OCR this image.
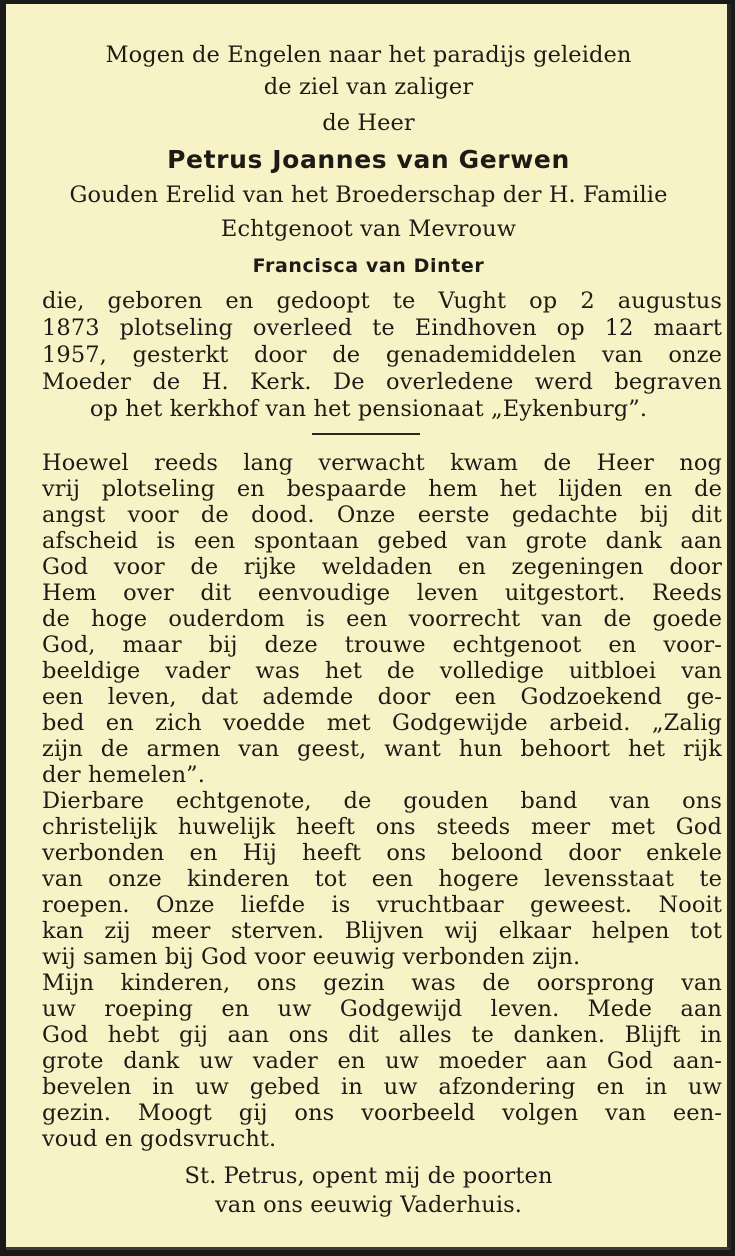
Mogen de Engelen naar het paradijs geleiden
de ziel van zaliger
de Heer
Petrus Joannes van Gerwen
Gouden Erelid van het Broederschap der H. Familie
Echtgenoot van Mevrouw
Francisca van Dinter
die, geboren en gedoopt te Vught op 2 augustus
1873 plotseling overleed te Eindhoven op 12 maart
1957, gesterkt door de genademiddelen van onze
Moeder de H. Kerk. De overledene werd begraven
op het kerkhof van het pensionaat „Eykenburg”.
Hoewel reeds lang verwacht kwam de Heer nog
vrij plotseling en bespaarde hem het lijden en de
angst voor de dood. Onze eerste gedachte bij dit
afscheid is een spontaan gebed van grote dank aan
God voor de rijke weldaden en zegeningen door
Hem over dit eenvoudige leven uitgestort. Reeds
de hoge ouderdom is een voorrecht van de goede
God, maar bij deze trouwe echtgenoot en voor-
beeldige vader was het de volledige uitbloei van
een leven, dat ademde door een Godzoekend ge-
bed en zich voedde met Godgewijde arbeid. „Zalig
zijn de armen van geest, want hun behoort het rijk
der hemelen”.
Dierbare echtgenote, de gouden band van ons
christelijk huwelijk heeft ons steeds meer met God
verbonden en Hij heeft ons beloond door enkele
van onze kinderen tot een hogere levensstaat te
roepen. Onze liefde is vruchtbaar geweest. Nooit
kan zij meer sterven. Blijven wij elkaar helpen tot
wij samen bij God voor eeuwig verbonden zijn.
Mijn kinderen, ons gezin was de oorsprong van
uw roeping en uw Godgewijd leven. Mede aan
God hebt gij aan ons dit alles te danken. Blijft in
grote dank uw vader en uw moeder aan God aan-
bevelen in uw gebed in uw afzondering en in uw
gezin. Moogt gij ons voorbeeld volgen van een-
voud en godsvrucht.
St. Petrus, opent mij de poorten
van ons eeuwig Vaderhuis.
